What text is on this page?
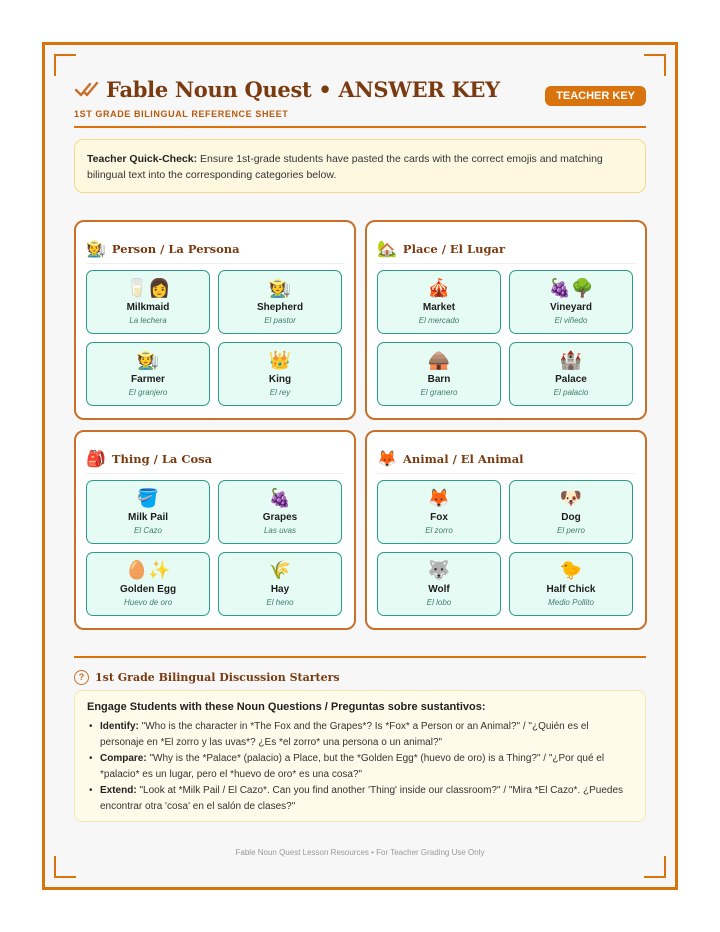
Fable Noun Quest • ANSWER KEY
1ST GRADE BILINGUAL REFERENCE SHEET
TEACHER KEY
Teacher Quick-Check: Ensure 1st-grade students have pasted the cards with the correct emojis and matching bilingual text into the corresponding categories below.
🧑‍🌾 Person / La Persona
🥛👩
Milkmaid
La lechera
🧑‍🌾
Shepherd
El pastor
🧑‍🌾
Farmer
El granjero
👑
King
El rey
🏡 Place / El Lugar
🎪
Market
El mercado
🍇🌳
Vineyard
El viñedo
🛖
Barn
El granero
🏰
Palace
El palacio
🎒 Thing / La Cosa
🪣
Milk Pail
El Cazo
🍇
Grapes
Las uvas
🥚✨
Golden Egg
Huevo de oro
🌾
Hay
El heno
🦊 Animal / El Animal
🦊
Fox
El zorro
🐶
Dog
El perro
🐺
Wolf
El lobo
🐤
Half Chick
Medio Pollito
? 1st Grade Bilingual Discussion Starters
Engage Students with these Noun Questions / Preguntas sobre sustantivos:
• Identify: "Who is the character in *The Fox and the Grapes*? Is *Fox* a Person or an Animal?" / "¿Quién es el personaje en *El zorro y las uvas*? ¿Es *el zorro* una persona o un animal?"
• Compare: "Why is the *Palace* (palacio) a Place, but the *Golden Egg* (huevo de oro) is a Thing?" / "¿Por qué el *palacio* es un lugar, pero el *huevo de oro* es una cosa?"
• Extend: "Look at *Milk Pail / El Cazo*. Can you find another 'Thing' inside our classroom?" / "Mira *El Cazo*. ¿Puedes encontrar otra 'cosa' en el salón de clases?"
Fable Noun Quest Lesson Resources • For Teacher Grading Use Only
